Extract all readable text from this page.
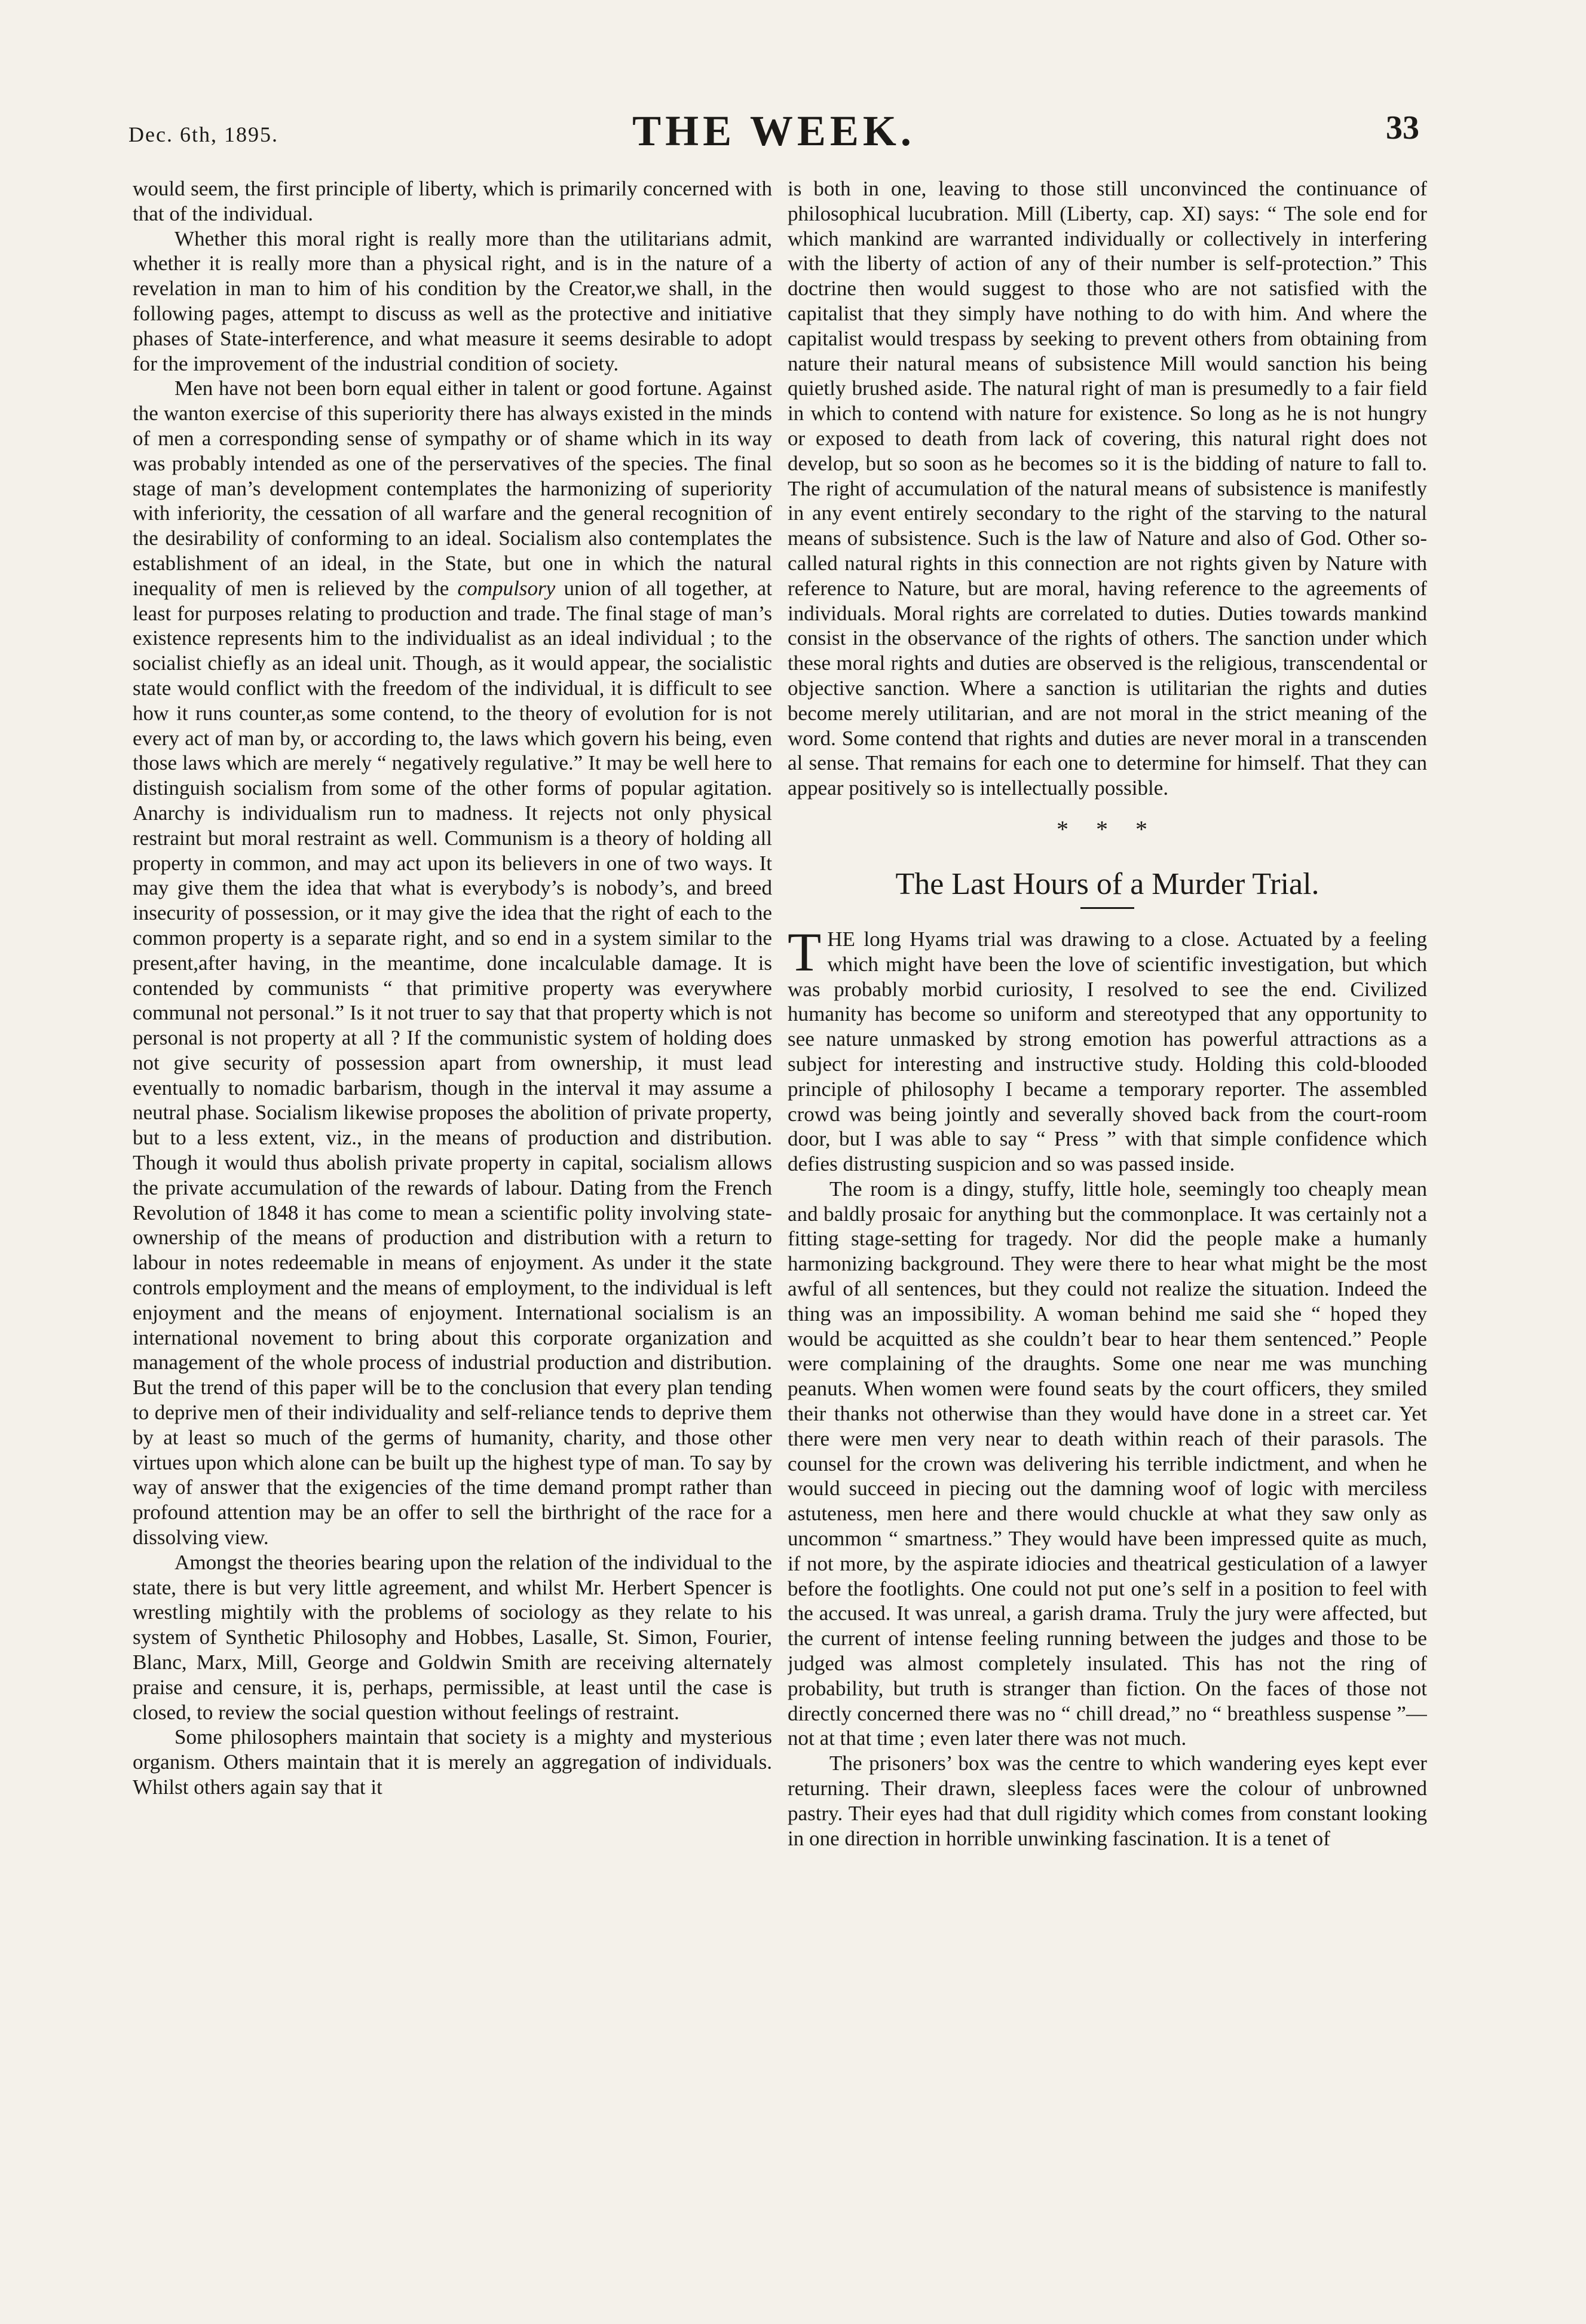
Dec. 6th, 1895.	THE WEEK.	33

would seem, the first principle of liberty, which is primarily concerned with that of the individual.

Whether this moral right is really more than the utilitarians admit, whether it is really more than a physical right, and is in the nature of a revelation in man to him of his condition by the Creator,we shall, in the following pages, attempt to discuss as well as the protective and initiative phases of State-interference, and what measure it seems desirable to adopt for the improvement of the industrial condition of society.

Men have not been born equal either in talent or good fortune. Against the wanton exercise of this superiority there has always existed in the minds of men a corresponding sense of sympathy or of shame which in its way was probably intended as one of the perservatives of the species. The final stage of man’s development contemplates the harmonizing of superiority with inferiority, the cessation of all warfare and the general recognition of the desirability of conforming to an ideal. Socialism also contemplates the establishment of an ideal, in the State, but one in which the natural inequality of men is relieved by the compulsory union of all together, at least for purposes relating to production and trade. The final stage of man’s existence represents him to the individualist as an ideal individual ; to the socialist chiefly as an ideal unit. Though, as it would appear, the socialistic state would conflict with the freedom of the individual, it is difficult to see how it runs counter,as some contend, to the theory of evolution for is not every act of man by, or according to, the laws which govern his being, even those laws which are merely “ negatively regulative.” It may be well here to distinguish socialism from some of the other forms of popular agitation. Anarchy is individualism run to madness. It rejects not only physical restraint but moral restraint as well. Communism is a theory of holding all property in common, and may act upon its believers in one of two ways. It may give them the idea that what is everybody’s is nobody’s, and breed insecurity of possession, or it may give the idea that the right of each to the common property is a separate right, and so end in a system similar to the present,after having, in the meantime, done incalculable damage. It is contended by communists “ that primitive property was everywhere communal not personal.” Is it not truer to say that that property which is not personal is not property at all ? If the communistic system of holding does not give security of possession apart from ownership, it must lead eventually to nomadic barbarism, though in the interval it may assume a neutral phase. Socialism likewise proposes the abolition of private property, but to a less extent, viz., in the means of production and distribution. Though it would thus abolish private property in capital, socialism allows the private accumulation of the rewards of labour. Dating from the French Revolution of 1848 it has come to mean a scientific polity involving state-ownership of the means of production and distribution with a return to labour in notes redeemable in means of enjoyment. As under it the state controls employment and the means of employment, to the individual is left enjoyment and the means of enjoyment. International socialism is an international novement to bring about this corporate organization and management of the whole process of industrial production and distribution. But the trend of this paper will be to the conclusion that every plan tending to deprive men of their individuality and self-reliance tends to deprive them by at least so much of the germs of humanity, charity, and those other virtues upon which alone can be built up the highest type of man. To say by way of answer that the exigencies of the time demand prompt rather than profound attention may be an offer to sell the birthright of the race for a dissolving view.

Amongst the theories bearing upon the relation of the individual to the state, there is but very little agreement, and whilst Mr. Herbert Spencer is wrestling mightily with the problems of sociology as they relate to his system of Synthetic Philosophy and Hobbes, Lasalle, St. Simon, Fourier, Blanc, Marx, Mill, George and Goldwin Smith are receiving alternately praise and censure, it is, perhaps, permissible, at least until the case is closed, to review the social question without feelings of restraint.

Some philosophers maintain that society is a mighty and mysterious organism. Others maintain that it is merely an aggregation of individuals. Whilst others again say that it

is both in one, leaving to those still unconvinced the continuance of philosophical lucubration. Mill (Liberty, cap. XI) says: “ The sole end for which mankind are warranted individually or collectively in interfering with the liberty of action of any of their number is self-protection.” This doctrine then would suggest to those who are not satisfied with the capitalist that they simply have nothing to do with him. And where the capitalist would trespass by seeking to prevent others from obtaining from nature their natural means of subsistence Mill would sanction his being quietly brushed aside. The natural right of man is presumedly to a fair field in which to contend with nature for existence. So long as he is not hungry or exposed to death from lack of covering, this natural right does not develop, but so soon as he becomes so it is the bidding of nature to fall to. The right of accumulation of the natural means of subsistence is manifestly in any event entirely secondary to the right of the starving to the natural means of subsistence. Such is the law of Nature and also of God. Other so-called natural rights in this connection are not rights given by Nature with reference to Nature, but are moral, having reference to the agreements of individuals. Moral rights are correlated to duties. Duties towards mankind consist in the observance of the rights of others. The sanction under which these moral rights and duties are observed is the religious, transcendental or objective sanction. Where a sanction is utilitarian the rights and duties become merely utilitarian, and are not moral in the strict meaning of the word. Some contend that rights and duties are never moral in a transcenden al sense. That remains for each one to determine for himself. That they can appear positively so is intellectually possible.

* * *
The Last Hours of a Murder Trial.

THE long Hyams trial was drawing to a close. Actuated by a feeling which might have been the love of scientific investigation, but which was probably morbid curiosity, I resolved to see the end. Civilized humanity has become so uniform and stereotyped that any opportunity to see nature unmasked by strong emotion has powerful attractions as a subject for interesting and instructive study. Holding this cold-blooded principle of philosophy I became a temporary reporter. The assembled crowd was being jointly and severally shoved back from the court-room door, but I was able to say “ Press ” with that simple confidence which defies distrusting suspicion and so was passed inside.

The room is a dingy, stuffy, little hole, seemingly too cheaply mean and baldly prosaic for anything but the commonplace. It was certainly not a fitting stage-setting for tragedy. Nor did the people make a humanly harmonizing background. They were there to hear what might be the most awful of all sentences, but they could not realize the situation. Indeed the thing was an impossibility. A woman behind me said she “ hoped they would be acquitted as she couldn’t bear to hear them sentenced.” People were complaining of the draughts. Some one near me was munching peanuts. When women were found seats by the court officers, they smiled their thanks not otherwise than they would have done in a street car. Yet there were men very near to death within reach of their parasols. The counsel for the crown was delivering his terrible indictment, and when he would succeed in piecing out the damning woof of logic with merciless astuteness, men here and there would chuckle at what they saw only as uncommon “ smartness.” They would have been impressed quite as much, if not more, by the aspirate idiocies and theatrical gesticulation of a lawyer before the footlights. One could not put one’s self in a position to feel with the accused. It was unreal, a garish drama. Truly the jury were affected, but the current of intense feeling running between the judges and those to be judged was almost completely insulated. This has not the ring of probability, but truth is stranger than fiction. On the faces of those not directly concerned there was no “ chill dread,” no “ breathless suspense ”—not at that time ; even later there was not much.

The prisoners’ box was the centre to which wandering eyes kept ever returning. Their drawn, sleepless faces were the colour of unbrowned pastry. Their eyes had that dull rigidity which comes from constant looking in one direction in horrible unwinking fascination. It is a tenet of
